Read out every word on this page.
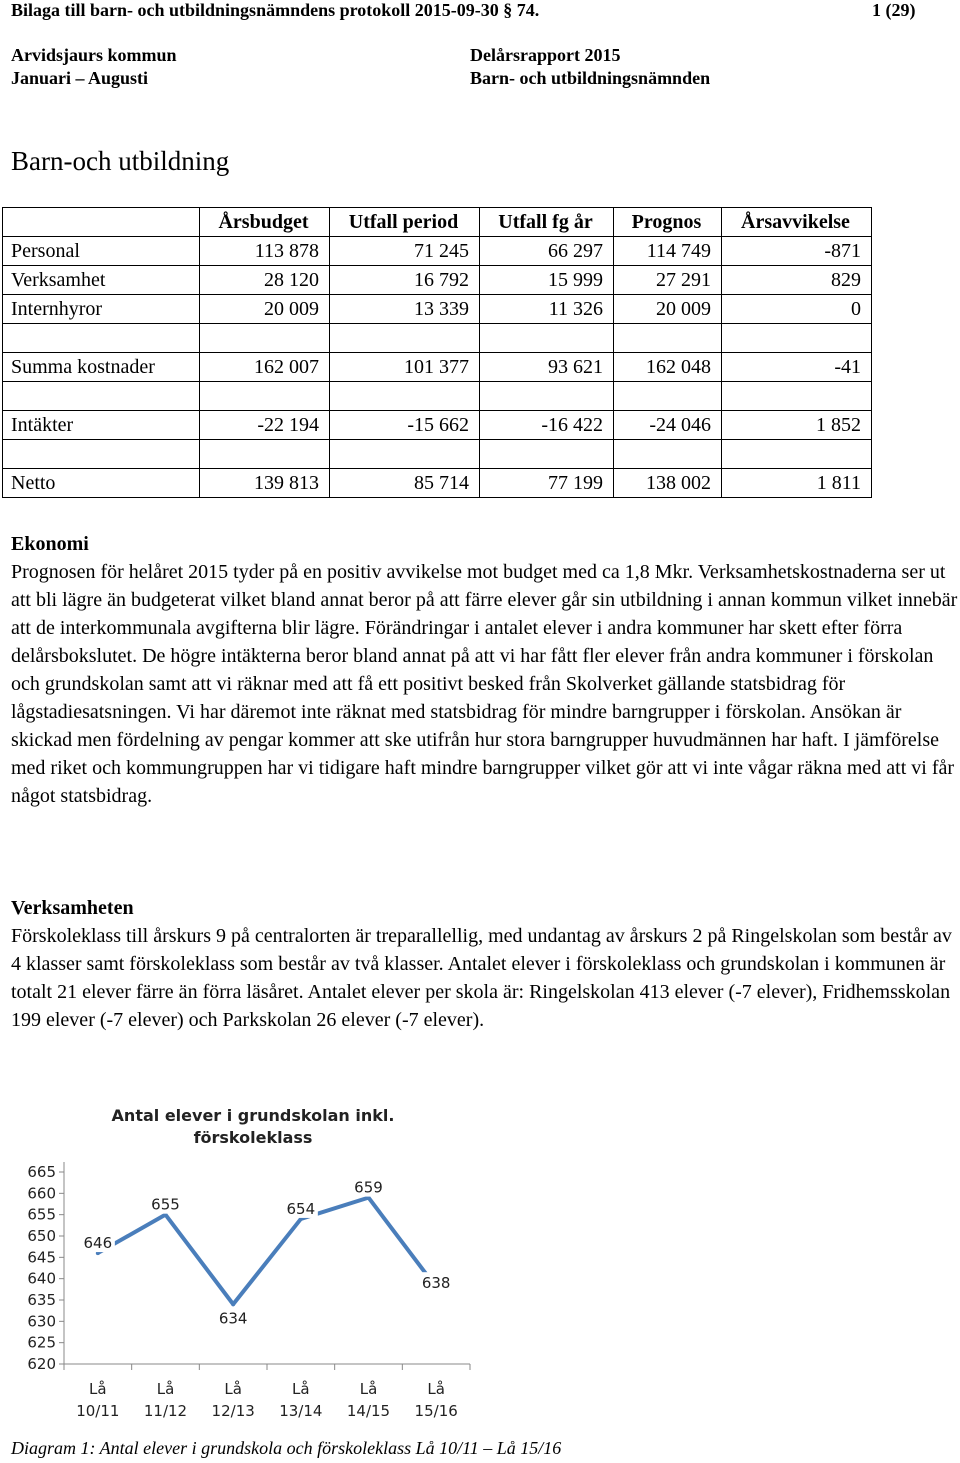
Bilaga till barn- och utbildningsnämndens protokoll 2015-09-30 § 74.	1 (29)
Arvidsjaurs kommun
Januari – Augusti
Delårsrapport 2015
Barn- och utbildningsnämnden
Barn-och utbildning
	Årsbudget	Utfall period	Utfall fg år	Prognos	Årsavvikelse
Personal	113 878	71 245	66 297	114 749	-871
Verksamhet	28 120	16 792	15 999	27 291	829
Internhyror	20 009	13 339	11 326	20 009	0

Summa kostnader	162 007	101 377	93 621	162 048	-41

Intäkter	-22 194	-15 662	-16 422	-24 046	1 852

Netto	139 813	85 714	77 199	138 002	1 811
Ekonomi
Prognosen för helåret 2015 tyder på en positiv avvikelse mot budget med ca 1,8 Mkr. Verksamhetskostnaderna ser ut att bli lägre än budgeterat vilket bland annat beror på att färre elever går sin utbildning i annan kommun vilket innebär att de interkommunala avgifterna blir lägre. Förändringar i antalet elever i andra kommuner har skett efter förra delårsbokslutet. De högre intäkterna beror bland annat på att vi har fått fler elever från andra kommuner i förskolan och grundskolan samt att vi räknar med att få ett positivt besked från Skolverket gällande statsbidrag för lågstadiesatsningen. Vi har däremot inte räknat med statsbidrag för mindre barngrupper i förskolan. Ansökan är skickad men fördelning av pengar kommer att ske utifrån hur stora barngrupper huvudmännen har haft. I jämförelse med riket och kommungruppen har vi tidigare haft mindre barngrupper vilket gör att vi inte vågar räkna med att vi får något statsbidrag.
Verksamheten
Förskoleklass till årskurs 9 på centralorten är treparallellig, med undantag av årskurs 2 på Ringelskolan som består av 4 klasser samt förskoleklass som består av två klasser. Antalet elever i förskoleklass och grundskolan i kommunen är totalt 21 elever färre än förra läsåret. Antalet elever per skola är: Ringelskolan 413 elever (-7 elever), Fridhemsskolan 199 elever (-7 elever) och Parkskolan 26 elever (-7 elever).
Antal elever i grundskolan inkl.
förskoleklass
665
660
655
650
645
640
635
630
625
620
Lå
10/11
Lå
11/12
Lå
12/13
Lå
13/14
Lå
14/15
Lå
15/16
646
655
634
654
659
638
Diagram 1: Antal elever i grundskola och förskoleklass Lå 10/11 – Lå 15/16
